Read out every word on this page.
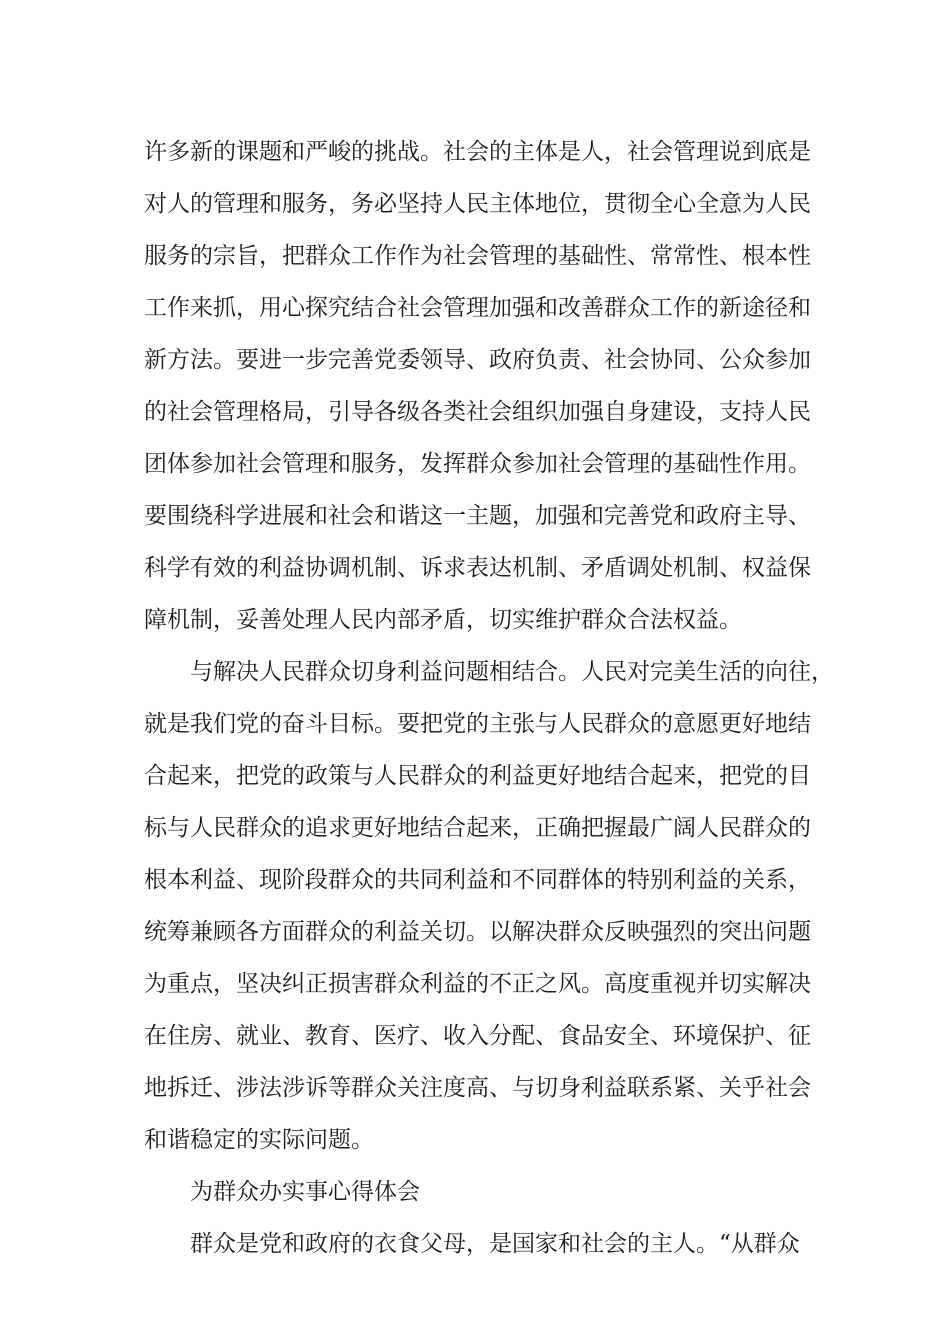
许多新的课题和严峻的挑战。社会的主体是人，社会管理说到底是
对人的管理和服务，务必坚持人民主体地位，贯彻全心全意为人民
服务的宗旨，把群众工作作为社会管理的基础性、常常性、根本性
工作来抓，用心探究结合社会管理加强和改善群众工作的新途径和
新方法。要进一步完善党委领导、政府负责、社会协同、公众参加
的社会管理格局，引导各级各类社会组织加强自身建设，支持人民
团体参加社会管理和服务，发挥群众参加社会管理的基础性作用。
要围绕科学进展和社会和谐这一主题，加强和完善党和政府主导、
科学有效的利益协调机制、诉求表达机制、矛盾调处机制、权益保
障机制，妥善处理人民内部矛盾，切实维护群众合法权益。
与解决人民群众切身利益问题相结合。人民对完美生活的向往，
就是我们党的奋斗目标。要把党的主张与人民群众的意愿更好地结
合起来，把党的政策与人民群众的利益更好地结合起来，把党的目
标与人民群众的追求更好地结合起来，正确把握最广阔人民群众的
根本利益、现阶段群众的共同利益和不同群体的特别利益的关系，
统筹兼顾各方面群众的利益关切。以解决群众反映强烈的突出问题
为重点，坚决纠正损害群众利益的不正之风。高度重视并切实解决
在住房、就业、教育、医疗、收入分配、食品安全、环境保护、征
地拆迁、涉法涉诉等群众关注度高、与切身利益联系紧、关乎社会
和谐稳定的实际问题。
为群众办实事心得体会
群众是党和政府的衣食父母，是国家和社会的主人。“从群众
